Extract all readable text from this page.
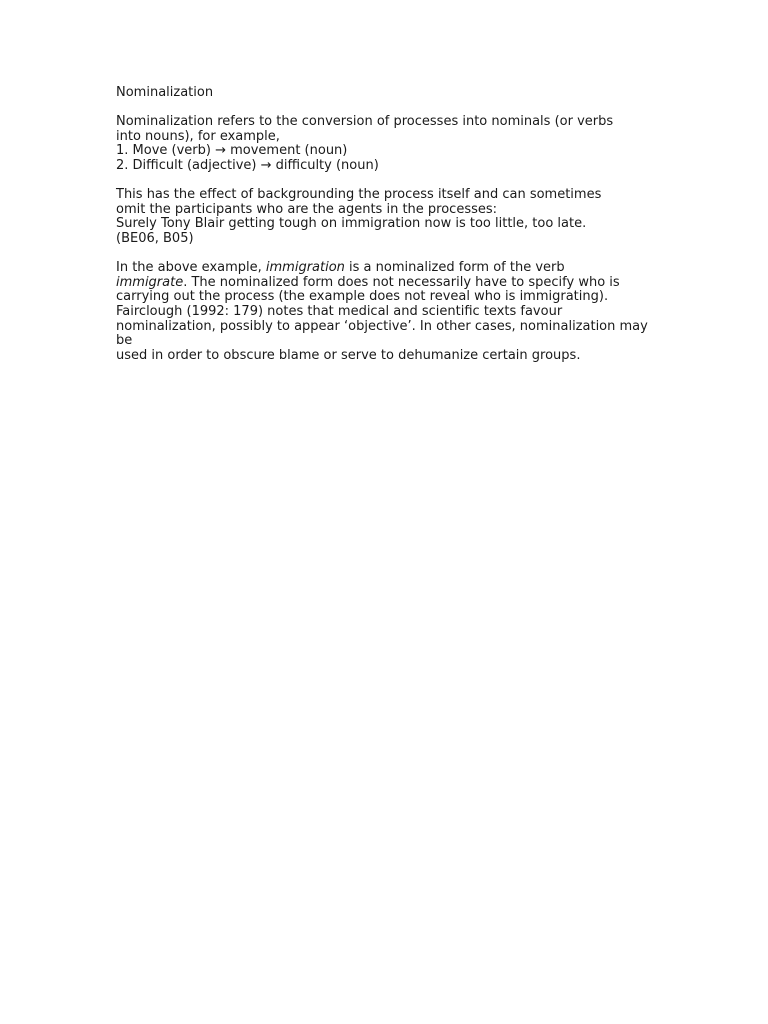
Nominalization
Nominalization refers to the conversion of processes into nominals (or verbs
into nouns), for example,
1. Move (verb) → movement (noun)
2. Difficult (adjective) → difficulty (noun)
This has the effect of backgrounding the process itself and can sometimes
omit the participants who are the agents in the processes:
Surely Tony Blair getting tough on immigration now is too little, too late.
(BE06, B05)
In the above example, immigration is a nominalized form of the verb
immigrate. The nominalized form does not necessarily have to specify who is
carrying out the process (the example does not reveal who is immigrating).
Fairclough (1992: 179) notes that medical and scientific texts favour
nominalization, possibly to appear ‘objective’. In other cases, nominalization may
be
used in order to obscure blame or serve to dehumanize certain groups.
